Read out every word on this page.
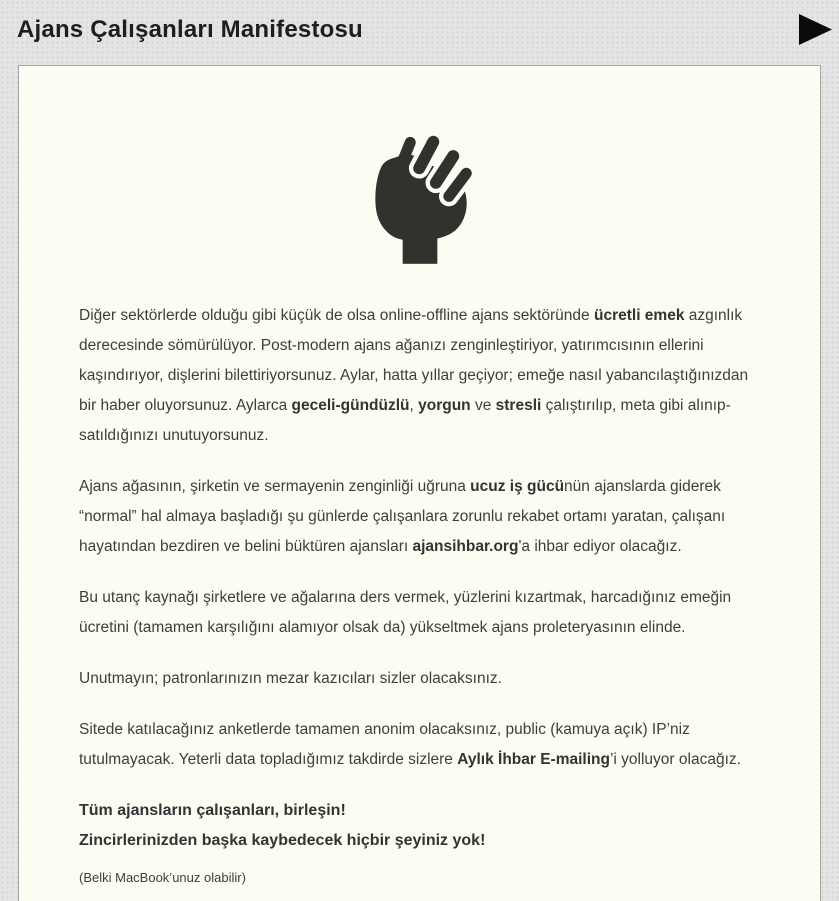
Ajans Çalışanları Manifestosu

Diğer sektörlerde olduğu gibi küçük de olsa online-offline ajans sektöründe ücretli emek azgınlık derecesinde sömürülüyor. Post-modern ajans ağanızı zenginleştiriyor, yatırımcısının ellerini kaşındırıyor, dişlerini bilettiriyorsunuz. Aylar, hatta yıllar geçiyor; emeğe nasıl yabancılaştığınızdan bir haber oluyorsunuz. Aylarca geceli-gündüzlü, yorgun ve stresli çalıştırılıp, meta gibi alınıp-satıldığınızı unutuyorsunuz.

Ajans ağasının, şirketin ve sermayenin zenginliği uğruna ucuz iş gücünün ajanslarda giderek “normal” hal almaya başladığı şu günlerde çalışanlara zorunlu rekabet ortamı yaratan, çalışanı hayatından bezdiren ve belini büktüren ajansları ajansihbar.org'a ihbar ediyor olacağız.

Bu utanç kaynağı şirketlere ve ağalarına ders vermek, yüzlerini kızartmak, harcadığınız emeğin ücretini (tamamen karşılığını alamıyor olsak da) yükseltmek ajans proleteryasının elinde.

Unutmayın; patronlarınızın mezar kazıcıları sizler olacaksınız.

Sitede katılacağınız anketlerde tamamen anonim olacaksınız, public (kamuya açık) IP’niz tutulmayacak. Yeterli data topladığımız takdirde sizlere Aylık İhbar E-mailing’i yolluyor olacağız.

Tüm ajansların çalışanları, birleşin!
Zincirlerinizden başka kaybedecek hiçbir şeyiniz yok!
(Belki MacBook’unuz olabilir)
